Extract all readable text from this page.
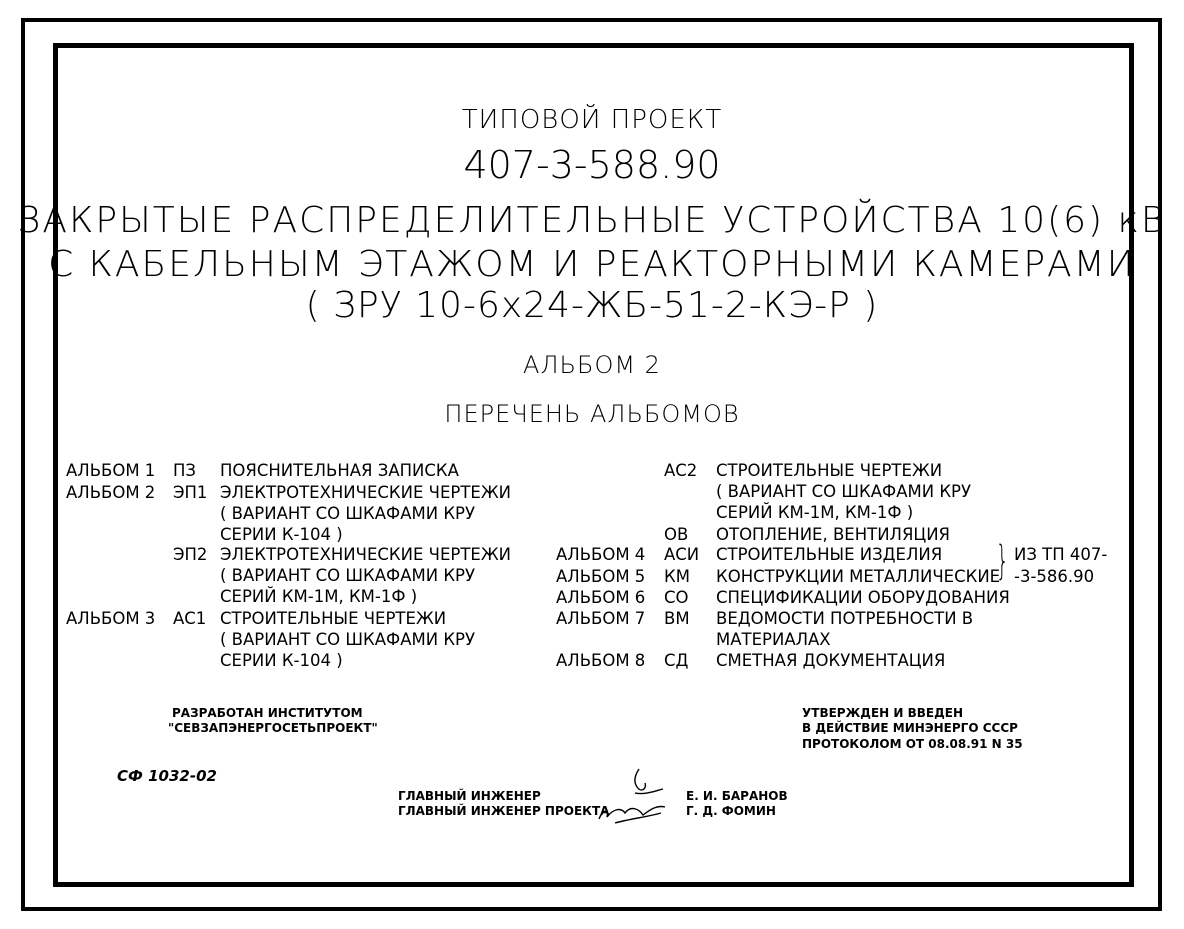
ТИПОВОЙ ПРОЕКТ
407-3-588.90
ЗАКРЫТЫЕ РАСПРЕДЕЛИТЕЛЬНЫЕ УСТРОЙСТВА 10(6) кВ
С КАБЕЛЬНЫМ ЭТАЖОМ И РЕАКТОРНЫМИ КАМЕРАМИ
( ЗРУ 10-6х24-ЖБ-51-2-КЭ-Р )
АЛЬБОМ 2
ПЕРЕЧЕНЬ АЛЬБОМОВ
АЛЬБОМ 1 ПЗ ПОЯСНИТЕЛЬНАЯ ЗАПИСКА
АЛЬБОМ 2 ЭП1 ЭЛЕКТРОТЕХНИЧЕСКИЕ ЧЕРТЕЖИ
( ВАРИАНТ СО ШКАФАМИ КРУ
СЕРИИ К-104 )
ЭП2 ЭЛЕКТРОТЕХНИЧЕСКИЕ ЧЕРТЕЖИ
( ВАРИАНТ СО ШКАФАМИ КРУ
СЕРИЙ КМ-1М, КМ-1Ф )
АЛЬБОМ 3 АС1 СТРОИТЕЛЬНЫЕ ЧЕРТЕЖИ
( ВАРИАНТ СО ШКАФАМИ КРУ
СЕРИИ К-104 )
АС2 СТРОИТЕЛЬНЫЕ ЧЕРТЕЖИ
( ВАРИАНТ СО ШКАФАМИ КРУ
СЕРИЙ КМ-1М, КМ-1Ф )
ОВ ОТОПЛЕНИЕ, ВЕНТИЛЯЦИЯ
АЛЬБОМ 4 АСИ СТРОИТЕЛЬНЫЕ ИЗДЕЛИЯ
АЛЬБОМ 5 КМ КОНСТРУКЦИИ МЕТАЛЛИЧЕСКИЕ
АЛЬБОМ 6 СО СПЕЦИФИКАЦИИ ОБОРУДОВАНИЯ
АЛЬБОМ 7 ВМ ВЕДОМОСТИ ПОТРЕБНОСТИ В
МАТЕРИАЛАХ
АЛЬБОМ 8 СД СМЕТНАЯ ДОКУМЕНТАЦИЯ
} ИЗ ТП 407-
-3-586.90
РАЗРАБОТАН ИНСТИТУТОМ
"СЕВЗАПЭНЕРГОСЕТЬПРОЕКТ"
УТВЕРЖДЕН И ВВЕДЕН
В ДЕЙСТВИЕ МИНЭНЕРГО СССР
ПРОТОКОЛОМ ОТ 08.08.91 N 35
СФ 1032-02
ГЛАВНЫЙ ИНЖЕНЕР
ГЛАВНЫЙ ИНЖЕНЕР ПРОЕКТА
Е. И. БАРАНОВ
Г. Д. ФОМИН
